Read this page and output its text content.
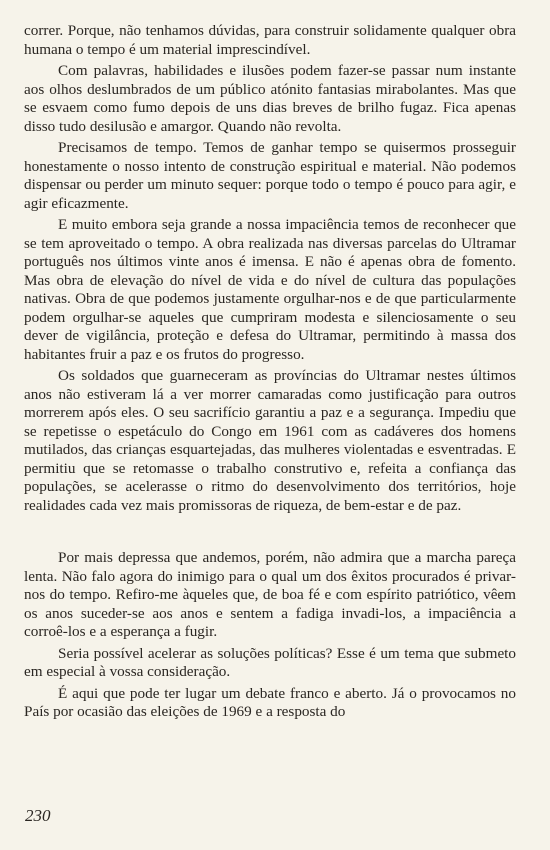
correr. Porque, não tenhamos dúvidas, para construir solidamente qualquer obra humana o tempo é um material imprescindível.

Com palavras, habilidades e ilusões podem fazer-se passar num instante aos olhos deslumbrados de um público atónito fantasias mirabolantes. Mas que se esvaem como fumo depois de uns dias breves de brilho fugaz. Fica apenas disso tudo desilusão e amargor. Quando não revolta.

Precisamos de tempo. Temos de ganhar tempo se quisermos prosseguir honestamente o nosso intento de construção espiritual e material. Não podemos dispensar ou perder um minuto sequer: porque todo o tempo é pouco para agir, e agir eficazmente.

E muito embora seja grande a nossa impaciência temos de reconhecer que se tem aproveitado o tempo. A obra realizada nas diversas parcelas do Ultramar português nos últimos vinte anos é imensa. E não é apenas obra de fomento. Mas obra de elevação do nível de vida e do nível de cultura das populações nativas. Obra de que podemos justamente orgulhar-nos e de que particularmente podem orgulhar-se aqueles que cumpriram modesta e silenciosamente o seu dever de vigilância, proteção e defesa do Ultramar, permitindo à massa dos habitantes fruir a paz e os frutos do progresso.

Os soldados que guarneceram as províncias do Ultramar nestes últimos anos não estiveram lá a ver morrer camaradas como justificação para outros morrerem após eles. O seu sacrifício garantiu a paz e a segurança. Impediu que se repetisse o espetáculo do Congo em 1961 com as cadáveres dos homens mutilados, das crianças esquartejadas, das mulheres violentadas e esventradas. E permitiu que se retomasse o trabalho construtivo e, refeita a confiança das populações, se acelerasse o ritmo do desenvolvimento dos territórios, hoje realidades cada vez mais promissoras de riqueza, de bem-estar e de paz.

Por mais depressa que andemos, porém, não admira que a marcha pareça lenta. Não falo agora do inimigo para o qual um dos êxitos procurados é privar-nos do tempo. Refiro-me àqueles que, de boa fé e com espírito patriótico, vêem os anos suceder-se aos anos e sentem a fadiga invadi-los, a impaciência a corroê-los e a esperança a fugir.

Seria possível acelerar as soluções políticas? Esse é um tema que submeto em especial à vossa consideração.

É aqui que pode ter lugar um debate franco e aberto. Já o provocamos no País por ocasião das eleições de 1969 e a resposta do

230
